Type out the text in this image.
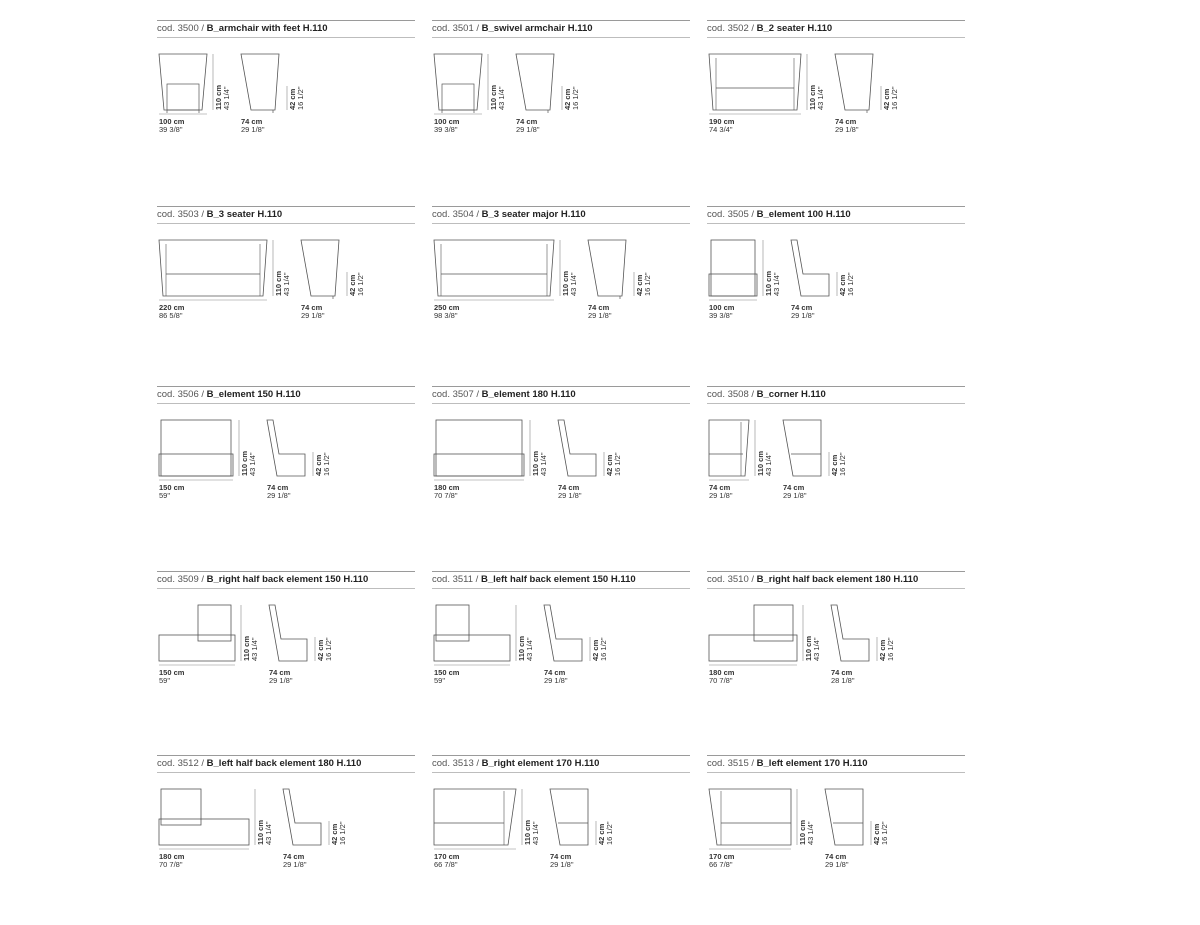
cod. 3500 / B_armchair with feet H.110
100 cm
39 3/8"
110 cm 43 1/4"
74 cm
29 1/8"
42 cm 16 1/2"
cod. 3501 / B_swivel armchair H.110
100 cm
39 3/8"
110 cm 43 1/4"
74 cm
29 1/8"
42 cm 16 1/2"
cod. 3502 / B_2 seater H.110
190 cm
74 3/4"
110 cm 43 1/4"
74 cm
29 1/8"
42 cm 16 1/2"
cod. 3503 / B_3 seater H.110
220 cm
86 5/8"
110 cm 43 1/4"
74 cm
29 1/8"
42 cm 16 1/2"
cod. 3504 / B_3 seater major H.110
250 cm
98 3/8"
110 cm 43 1/4"
74 cm
29 1/8"
42 cm 16 1/2"
cod. 3505 / B_element 100 H.110
100 cm
39 3/8"
110 cm 43 1/4"
74 cm
29 1/8"
42 cm 16 1/2"
cod. 3506 / B_element 150 H.110
150 cm
59"
110 cm 43 1/4"
74 cm
29 1/8"
42 cm 16 1/2"
cod. 3507 / B_element 180 H.110
180 cm
70 7/8"
110 cm 43 1/4"
74 cm
29 1/8"
42 cm 16 1/2"
cod. 3508 / B_corner H.110
74 cm
29 1/8"
110 cm 43 1/4"
74 cm
29 1/8"
42 cm 16 1/2"
cod. 3509 / B_right half back element 150 H.110
150 cm
59"
110 cm 43 1/4"
74 cm
29 1/8"
42 cm 16 1/2"
cod. 3511 / B_left half back element 150 H.110
150 cm
59"
110 cm 43 1/4"
74 cm
29 1/8"
42 cm 16 1/2"
cod. 3510 / B_right half back element 180 H.110
180 cm
70 7/8"
110 cm 43 1/4"
74 cm
28 1/8"
42 cm 16 1/2"
cod. 3512 / B_left half back element 180 H.110
180 cm
70 7/8"
110 cm 43 1/4"
74 cm
29 1/8"
42 cm 16 1/2"
cod. 3513 / B_right element 170 H.110
170 cm
66 7/8"
110 cm 43 1/4"
74 cm
29 1/8"
42 cm 16 1/2"
cod. 3515 / B_left element 170 H.110
170 cm
66 7/8"
110 cm 43 1/4"
74 cm
29 1/8"
42 cm 16 1/2"
